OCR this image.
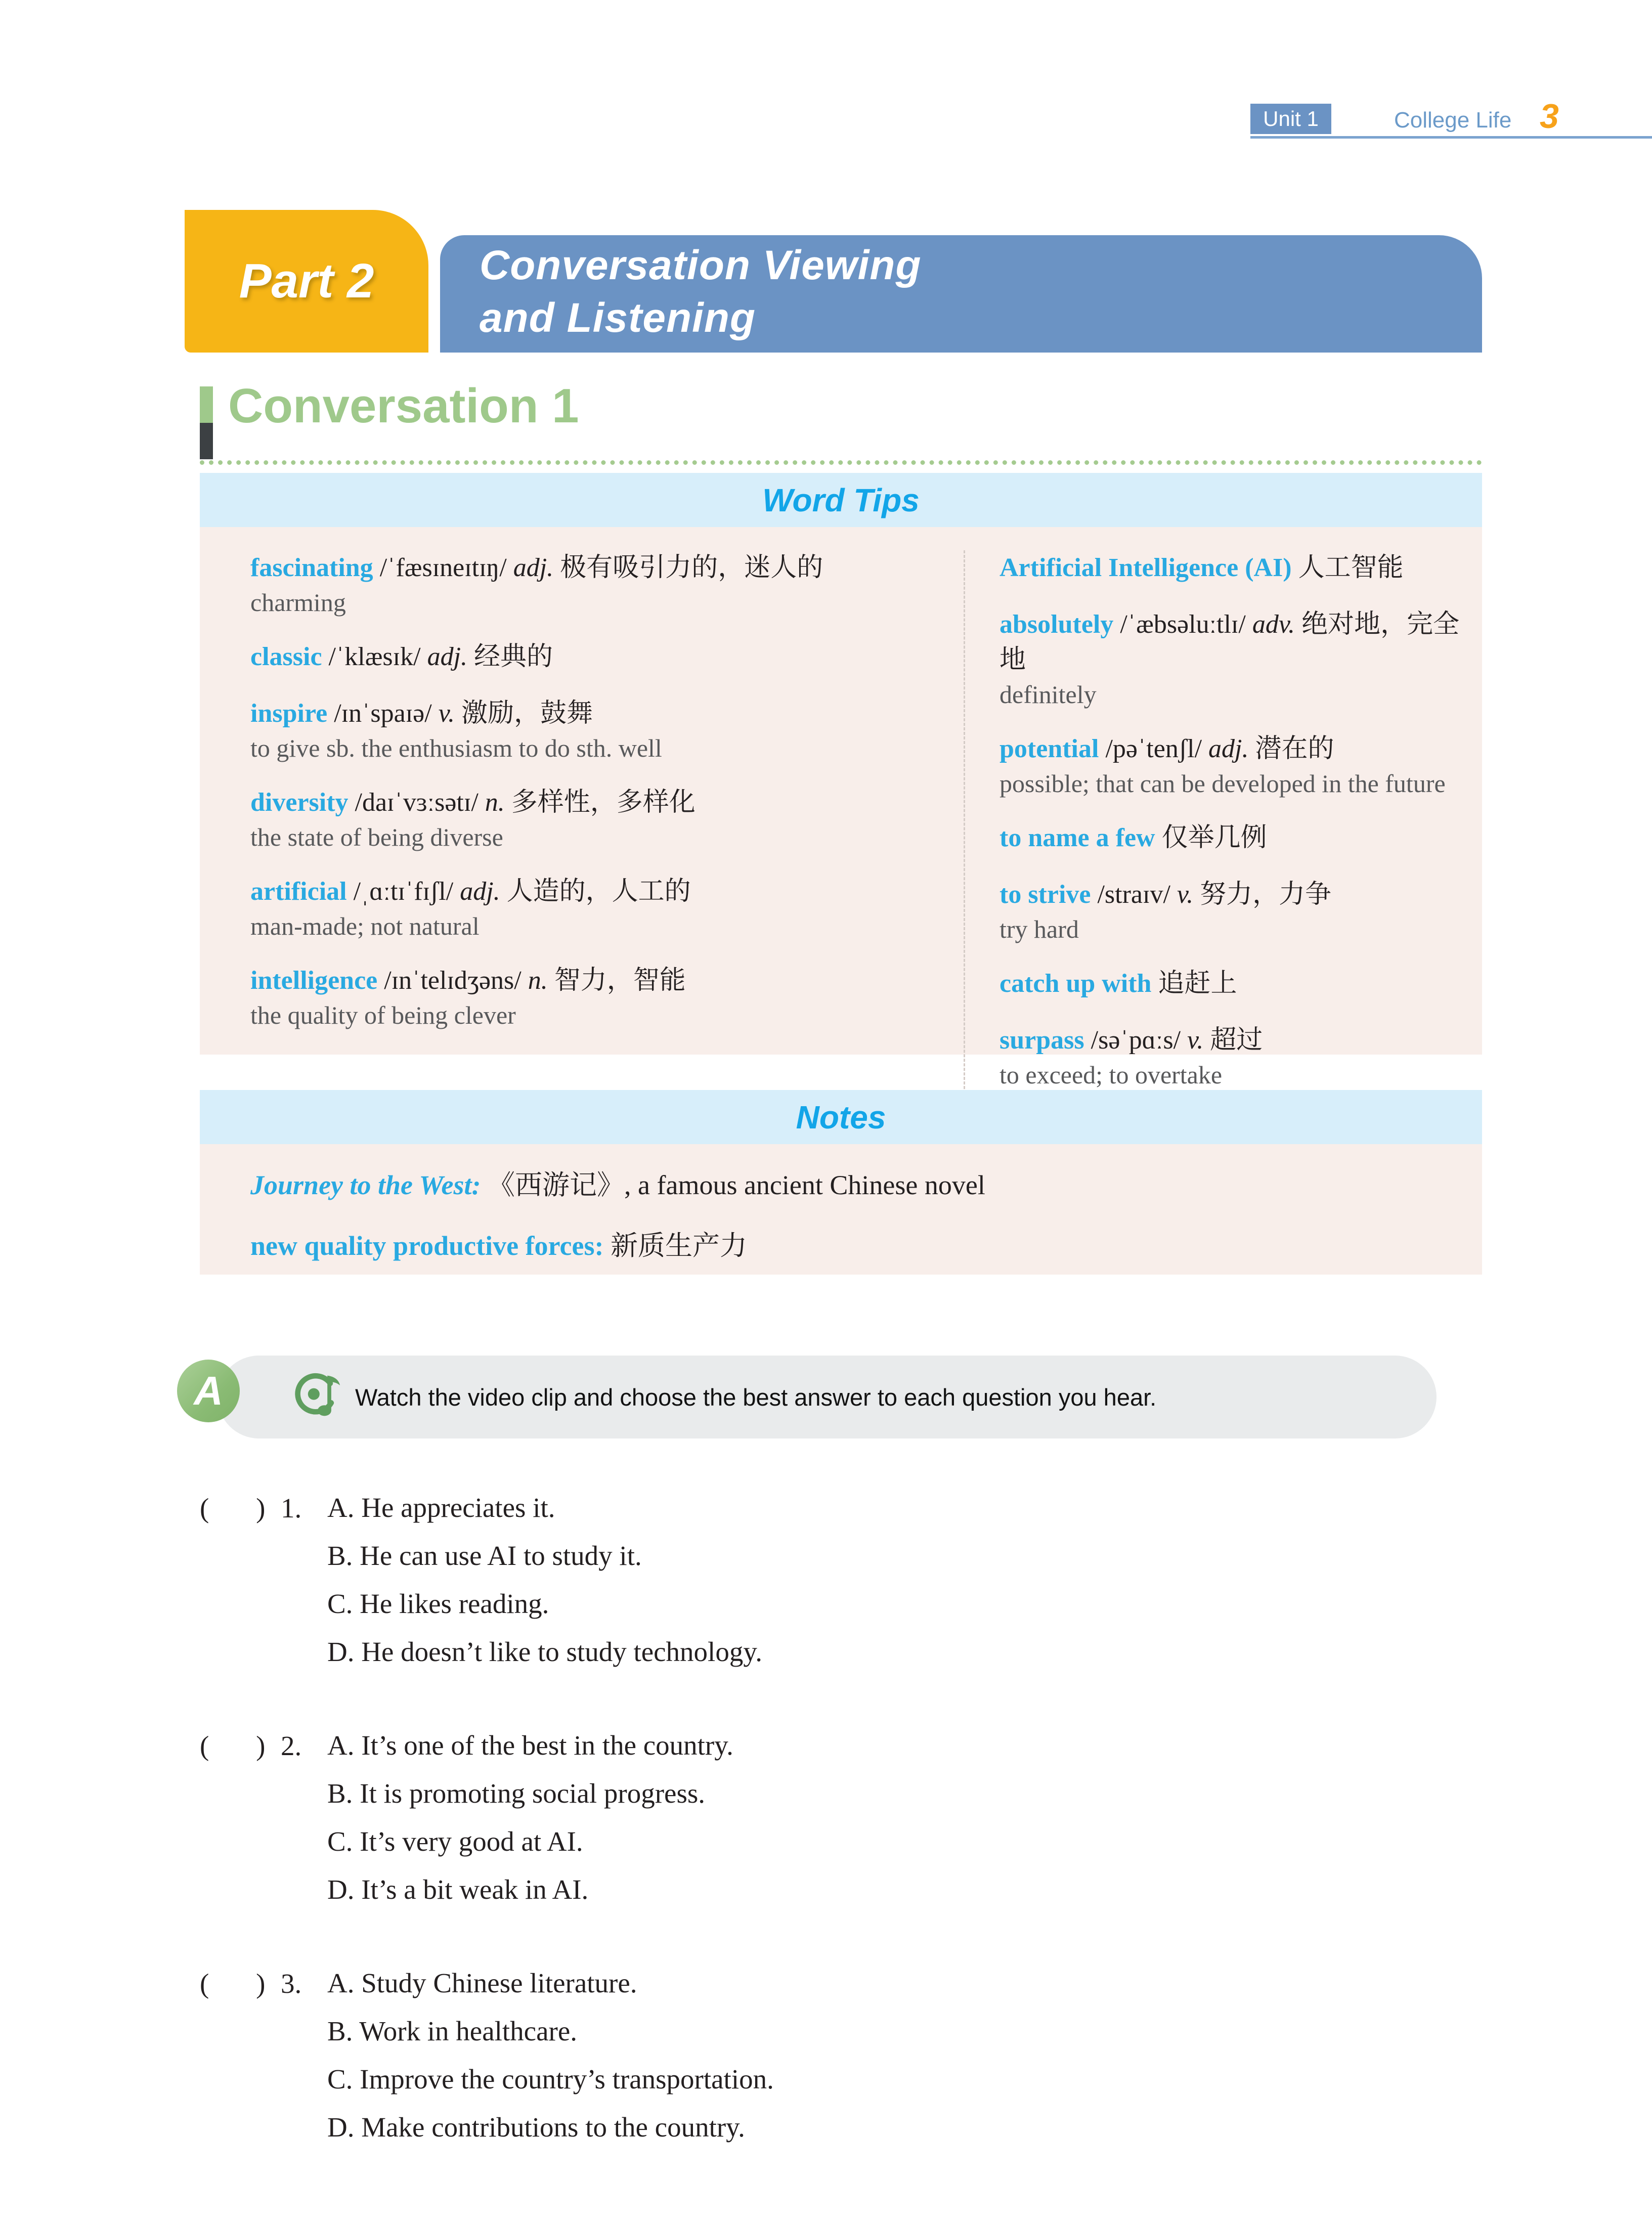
Unit 1	College Life 3
Conversation Viewing
and Listening
Part 2
Conversation 1
Word Tips
fascinating /ˈfæsɪneɪtɪŋ/ adj. 极有吸引力的，迷人的
charming
classic /ˈklæsɪk/ adj. 经典的
inspire /ɪnˈspaɪə/ v. 激励，鼓舞
to give sb. the enthusiasm to do sth. well
diversity /daɪˈvɜːsətɪ/ n. 多样性，多样化
the state of being diverse
artificial /ˌɑːtɪˈfɪʃl/ adj. 人造的，人工的
man-made; not natural
intelligence /ɪnˈtelɪdʒəns/ n. 智力，智能
the quality of being clever
Artificial Intelligence (AI) 人工智能
absolutely /ˈæbsəluːtlɪ/ adv. 绝对地，完全地
definitely
potential /pəˈtenʃl/ adj. 潜在的
possible; that can be developed in the future
to name a few 仅举几例
to strive /straɪv/ v. 努力，力争
try hard
catch up with 追赶上
surpass /səˈpɑːs/ v. 超过
to exceed; to overtake
Notes
Journey to the West: 《西游记》, a famous ancient Chinese novel
new quality productive forces: 新质生产力
Watch the video clip and choose the best answer to each question you hear.
A
(     ) 1. A. He appreciates it.
B. He can use AI to study it.
C. He likes reading.
D. He doesn’t like to study technology.
(     ) 2. A. It’s one of the best in the country.
B. It is promoting social progress.
C. It’s very good at AI.
D. It’s a bit weak in AI.
(     ) 3. A. Study Chinese literature.
B. Work in healthcare.
C. Improve the country’s transportation.
D. Make contributions to the country.
